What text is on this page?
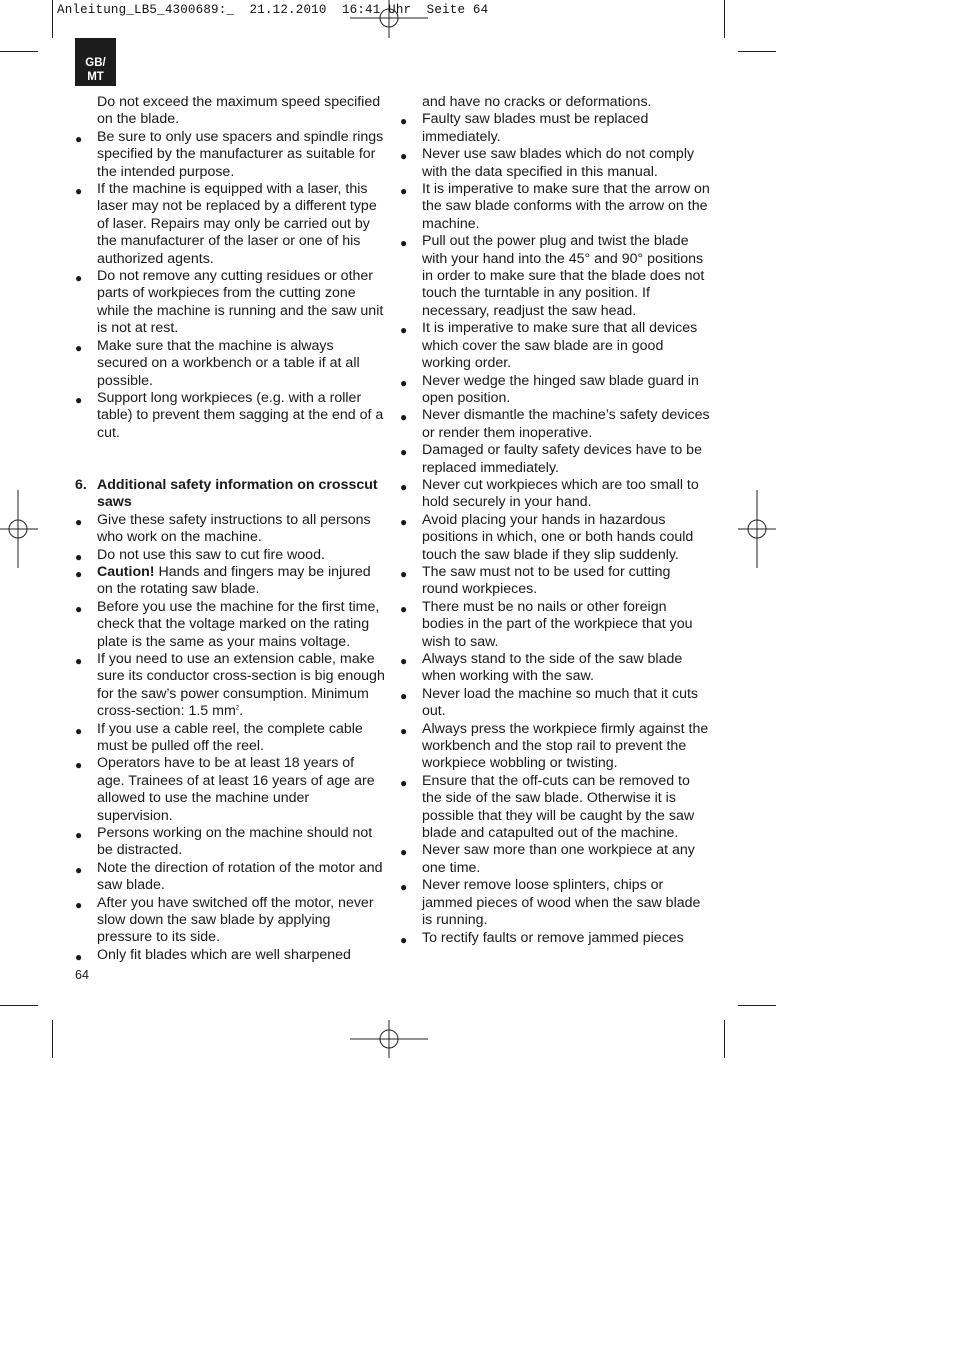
Anleitung_LB5_4300689:_  21.12.2010  16:41 Uhr  Seite 64
GB/
MT

Do not exceed the maximum speed specified on the blade.

● Be sure to only use spacers and spindle rings specified by the manufacturer as suitable for the intended purpose.

● If the machine is equipped with a laser, this laser may not be replaced by a different type of laser. Repairs may only be carried out by the manufacturer of the laser or one of his authorized agents.

● Do not remove any cutting residues or other parts of workpieces from the cutting zone while the machine is running and the saw unit is not at rest.

● Make sure that the machine is always secured on a workbench or a table if at all possible.

● Support long workpieces (e.g. with a roller table) to prevent them sagging at the end of a cut.

6. Additional safety information on crosscut saws

● Give these safety instructions to all persons who work on the machine.

● Do not use this saw to cut fire wood.

● Caution! Hands and fingers may be injured on the rotating saw blade.

● Before you use the machine for the first time, check that the voltage marked on the rating plate is the same as your mains voltage.

● If you need to use an extension cable, make sure its conductor cross-section is big enough for the saw’s power consumption. Minimum cross-section: 1.5 $mm^2$.

● If you use a cable reel, the complete cable must be pulled off the reel.

● Operators have to be at least 18 years of age. Trainees of at least 16 years of age are allowed to use the machine under supervision.

● Persons working on the machine should not be distracted.

● Note the direction of rotation of the motor and saw blade.

● After you have switched off the motor, never slow down the saw blade by applying pressure to its side.

● Only fit blades which are well sharpened

and have no cracks or deformations.

● Faulty saw blades must be replaced immediately.

● Never use saw blades which do not comply with the data specified in this manual.

● It is imperative to make sure that the arrow on the saw blade conforms with the arrow on the machine.

● Pull out the power plug and twist the blade with your hand into the 45° and 90° positions in order to make sure that the blade does not touch the turntable in any position. If necessary, readjust the saw head.

● It is imperative to make sure that all devices which cover the saw blade are in good working order.

● Never wedge the hinged saw blade guard in open position.

● Never dismantle the machine’s safety devices or render them inoperative.

● Damaged or faulty safety devices have to be replaced immediately.

● Never cut workpieces which are too small to hold securely in your hand.

● Avoid placing your hands in hazardous positions in which, one or both hands could touch the saw blade if they slip suddenly.

● The saw must not to be used for cutting round workpieces.

● There must be no nails or other foreign bodies in the part of the workpiece that you wish to saw.

● Always stand to the side of the saw blade when working with the saw.

● Never load the machine so much that it cuts out.

● Always press the workpiece firmly against the workbench and the stop rail to prevent the workpiece wobbling or twisting.

● Ensure that the off-cuts can be removed to the side of the saw blade. Otherwise it is possible that they will be caught by the saw blade and catapulted out of the machine.

● Never saw more than one workpiece at any one time.

● Never remove loose splinters, chips or jammed pieces of wood when the saw blade is running.

● To rectify faults or remove jammed pieces

64
